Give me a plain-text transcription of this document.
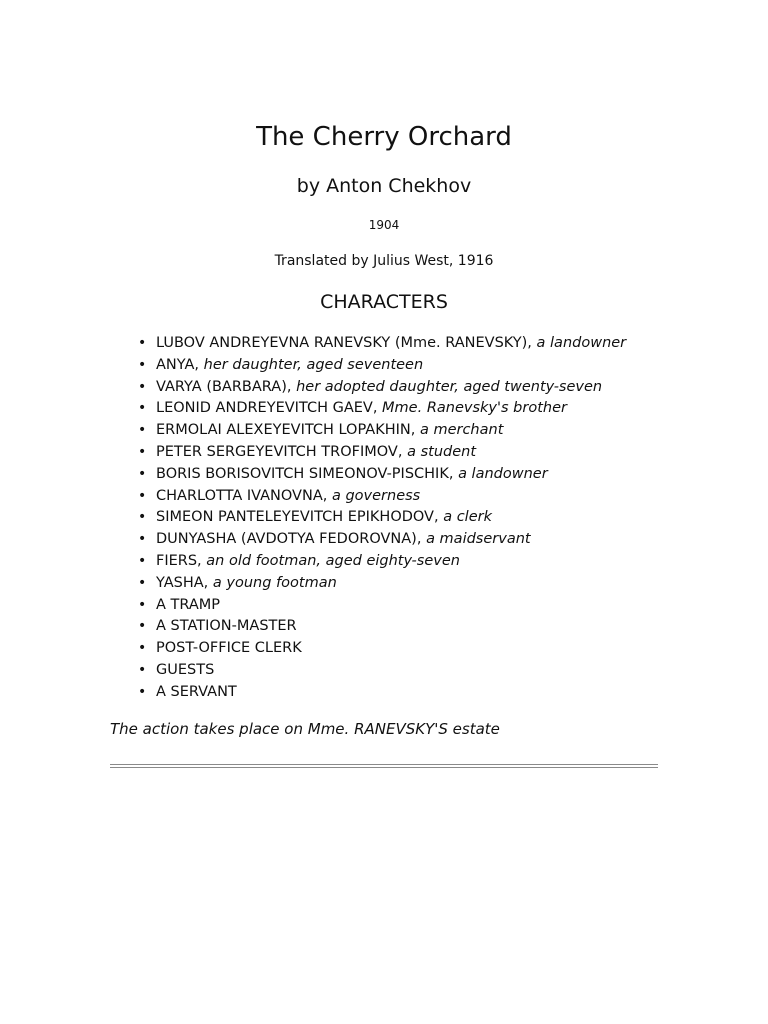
The Cherry Orchard
by Anton Chekhov
1904
Translated by Julius West, 1916
CHARACTERS
• LUBOV ANDREYEVNA RANEVSKY (Mme. RANEVSKY), a landowner
• ANYA, her daughter, aged seventeen
• VARYA (BARBARA), her adopted daughter, aged twenty-seven
• LEONID ANDREYEVITCH GAEV, Mme. Ranevsky's brother
• ERMOLAI ALEXEYEVITCH LOPAKHIN, a merchant
• PETER SERGEYEVITCH TROFIMOV, a student
• BORIS BORISOVITCH SIMEONOV-PISCHIK, a landowner
• CHARLOTTA IVANOVNA, a governess
• SIMEON PANTELEYEVITCH EPIKHODOV, a clerk
• DUNYASHA (AVDOTYA FEDOROVNA), a maidservant
• FIERS, an old footman, aged eighty-seven
• YASHA, a young footman
• A TRAMP
• A STATION-MASTER
• POST-OFFICE CLERK
• GUESTS
• A SERVANT
The action takes place on Mme. RANEVSKY'S estate
